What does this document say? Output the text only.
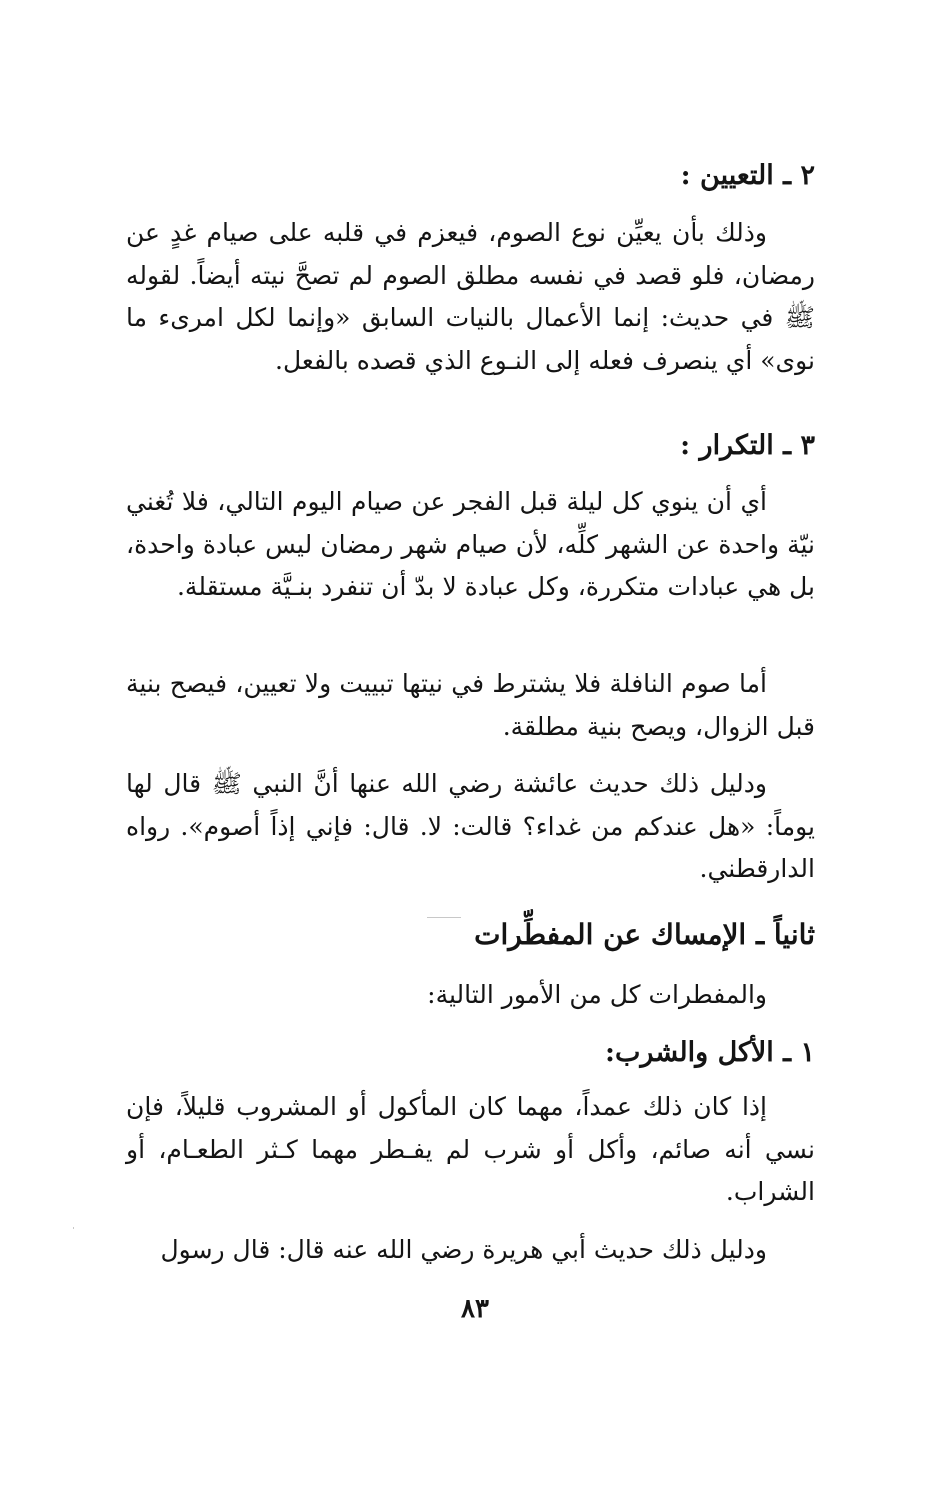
٢ ـ التعيين :

وذلك بأن يعيِّن نوع الصوم، فيعزم في قلبه على صيام غدٍ عن رمضان، فلو قصد في نفسه مطلق الصوم لم تصحَّ نيته أيضاً. لقوله ﷺ في حديث: إنما الأعمال بالنيات السابق «وإنما لكل امرىء ما نوى» أي ينصرف فعله إلى النـوع الذي قصده بالفعل.

٣ ـ التكرار :

أي أن ينوي كل ليلة قبل الفجر عن صيام اليوم التالي، فلا تُغني نيّة واحدة عن الشهر كلِّه، لأن صيام شهر رمضان ليس عبادة واحدة، بل هي عبادات متكررة، وكل عبادة لا بدّ أن تنفرد بنـيَّة مستقلة.

أما صوم النافلة فلا يشترط في نيتها تبييت ولا تعيين، فيصح بنية قبل الزوال، ويصح بنية مطلقة.

ودليل ذلك حديث عائشة رضي الله عنها أنَّ النبي ﷺ قال لها يوماً: «هل عندكم من غداء؟ قالت: لا. قال: فإني إذاً أصوم». رواه الدارقطني.

ثانياً ـ الإمساك عن المفطِّرات

والمفطرات كل من الأمور التالية:

١ ـ الأكل والشرب:

إذا كان ذلك عمداً، مهما كان المأكول أو المشروب قليلاً، فإن نسي أنه صائم، وأكل أو شرب لم يفـطر مهما كـثر الطعـام، أو الشراب.

ودليل ذلك حديث أبي هريرة رضي الله عنه قال: قال رسول

٨٣
